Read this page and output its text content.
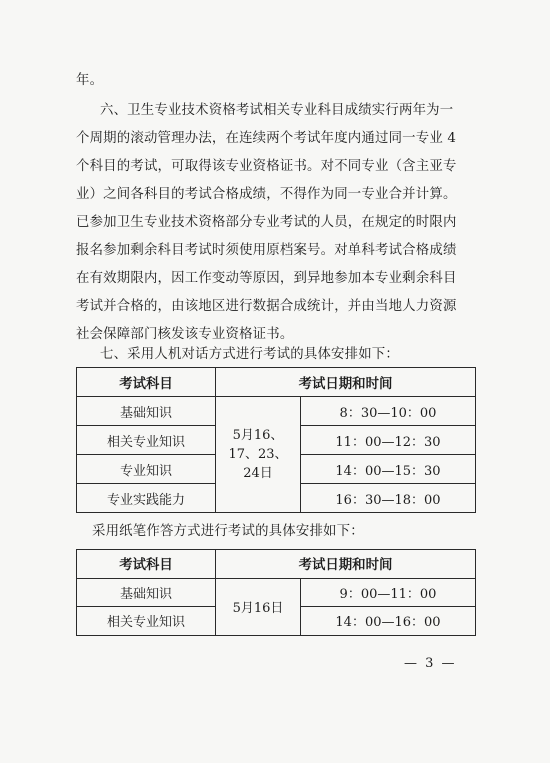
年。
六、卫生专业技术资格考试相关专业科目成绩实行两年为一
个周期的滚动管理办法，在连续两个考试年度内通过同一专业 4
个科目的考试，可取得该专业资格证书。对不同专业（含主亚专
业）之间各科目的考试合格成绩，不得作为同一专业合并计算。
已参加卫生专业技术资格部分专业考试的人员，在规定的时限内
报名参加剩余科目考试时须使用原档案号。对单科考试合格成绩
在有效期限内，因工作变动等原因，到异地参加本专业剩余科目
考试并合格的，由该地区进行数据合成统计，并由当地人力资源
社会保障部门核发该专业资格证书。
七、采用人机对话方式进行考试的具体安排如下：
考试科目	考试日期和时间	
基础知识	5月16、17、23、24日	8：30—10：00
相关专业知识		11：00—12：30
专业知识		14：00—15：30
专业实践能力		16：30—18：00
采用纸笔作答方式进行考试的具体安排如下：
考试科目	考试日期和时间	
基础知识	5月16日	9：00—11：00
相关专业知识		14：00—16：00
— 3 —
